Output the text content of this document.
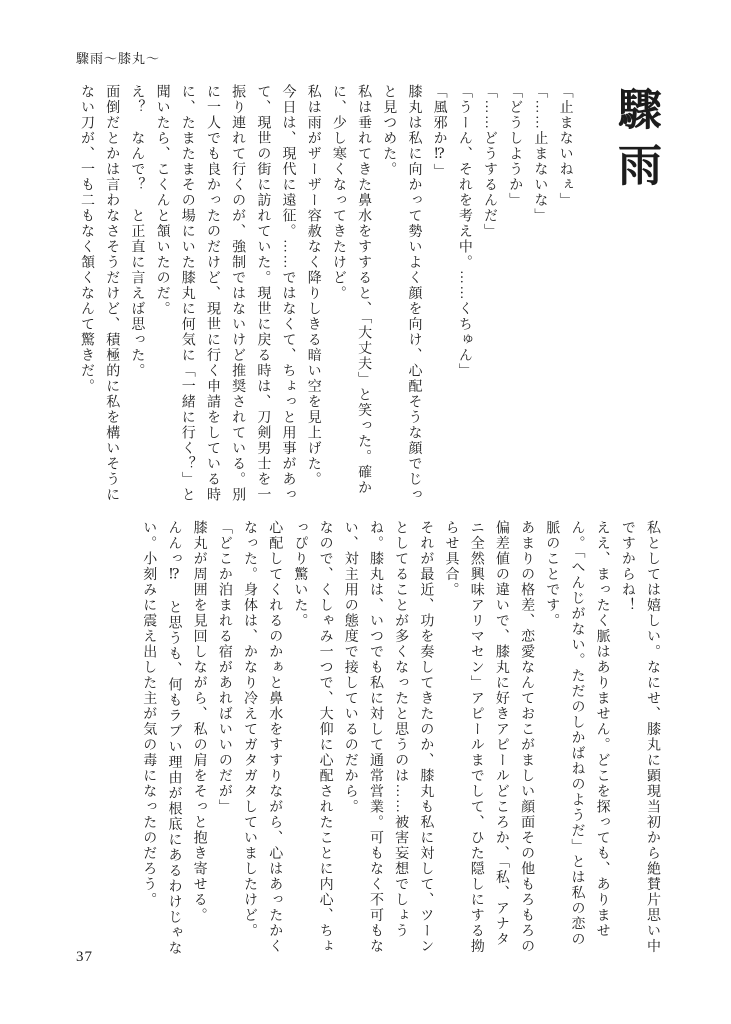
驟雨〜膝丸〜
驟雨

「止まないねぇ」

「……止まないな」

「どうしようか」

「……どうするんだ」

「うーん、それを考え中。……くちゅん」

「風邪か⁉」

膝丸は私に向かって勢いよく顔を向け、心配そうな顔でじっと見つめた。

私は垂れてきた鼻水をすすると、「大丈夫」と笑った。確かに、少し寒くなってきたけど。

私は雨がザーザー容赦なく降りしきる暗い空を見上げた。

今日は、現代に遠征。……ではなくて、ちょっと用事があって、現世の街に訪れていた。現世に戻る時は、刀剣男士を一振り連れて行くのが、強制ではないけど推奨されている。別に一人でも良かったのだけど、現世に行く申請をしている時に、たまたまその場にいた膝丸に何気に「一緒に行く？」と聞いたら、こくんと頷いたのだ。

え？　なんで？　と正直に言えば思った。

面倒だとかは言わなさそうだけど、積極的に私を構いそうにない刀が、一も二もなく頷くなんて驚きだ。

私としては嬉しい。なにせ、膝丸に顕現当初から絶賛片思い中ですからね！

ええ、まったく脈はありません。どこを探っても、ありません。「へんじがない。ただのしかばねのようだ」とは私の恋の脈のことです。

あまりの格差、恋愛なんておこがましい顔面その他もろもろの偏差値の違いで、膝丸に好きアピールどころか、「私、アナタニ全然興味アリマセン」アピールまでして、ひた隠しにする拗らせ具合。

それが最近、功を奏してきたのか、膝丸も私に対して、ツーンとしてることが多くなったと思うのは……被害妄想でしょうね。膝丸は、いつでも私に対して通常営業。可もなく不可もない、対主用の態度で接しているのだから。

なので、くしゃみ一つで、大仰に心配されたことに内心、ちょっぴり驚いた。

心配してくれるのかぁと鼻水をすすりながら、心はあったかくなった。身体は、かなり冷えてガタガタしていましたけど。

「どこか泊まれる宿があればいいのだが」

膝丸が周囲を見回しながら、私の肩をそっと抱き寄せる。

んんっ⁉　と思うも、何もラブい理由が根底にあるわけじゃない。小刻みに震え出した主が気の毒になったのだろう。

37
